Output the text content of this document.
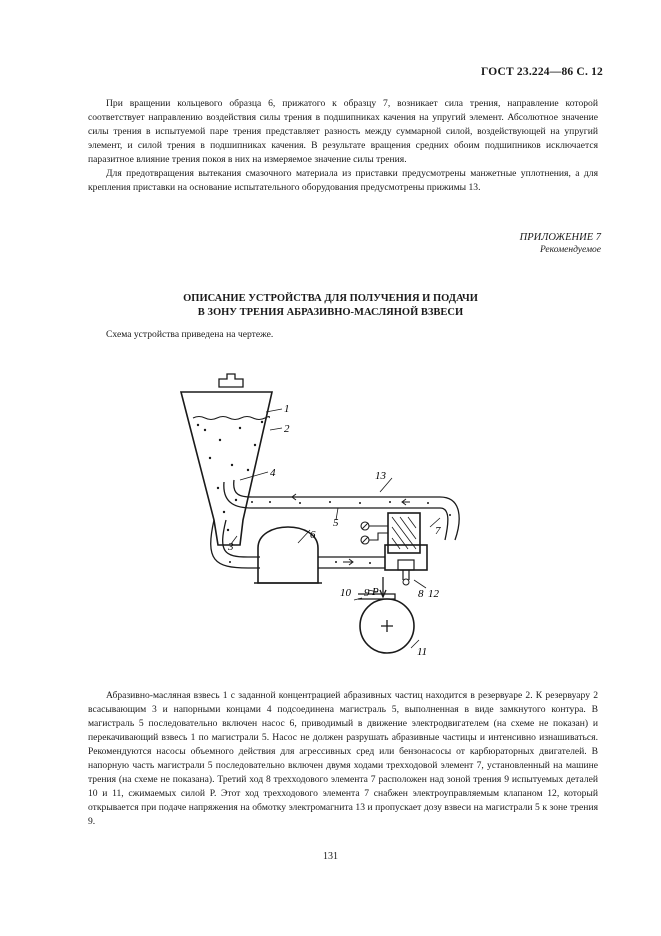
ГОСТ 23.224—86 С. 12

При вращении кольцевого образца 6, прижатого к образцу 7, возникает сила трения, направление которой соответствует направлению воздействия силы трения в подшипниках качения на упругий элемент. Абсолютное значение силы трения в испытуемой паре трения представляет разность между суммарной силой, воздействующей на упругий элемент, и силой трения в подшипниках качения. В результате вращения средних обоим подшипников исключается паразитное влияние трения покоя в них на измеряемое значение силы трения.

Для предотвращения вытекания смазочного материала из приставки предусмотрены манжетные уплотнения, а для крепления приставки на основание испытательного оборудования предусмотрены прижимы 13.

ПРИЛОЖЕНИЕ 7
Рекомендуемое
ОПИСАНИЕ УСТРОЙСТВА ДЛЯ ПОЛУЧЕНИЯ И ПОДАЧИ
В ЗОНУ ТРЕНИЯ АБРАЗИВНО-МАСЛЯНОЙ ВЗВЕСИ
Схема устройства приведена на чертеже.
1
2
3
4
5
6	7
8
9
10
11
12
13
P

Абразивно-масляная взвесь 1 с заданной концентрацией абразивных частиц находится в резервуаре 2. К резервуару 2 всасывающим 3 и напорными концами 4 подсоединена магистраль 5, выполненная в виде замкнутого контура. В магистраль 5 последовательно включен насос 6, приводимый в движение электродвигателем (на схеме не показан) и перекачивающий взвесь 1 по магистрали 5. Насос не должен разрушать абразивные частицы и интенсивно изнашиваться. Рекомендуются насосы объемного действия для агрессивных сред или бензонасосы от карбюраторных двигателей. В напорную часть магистрали 5 последовательно включен двумя ходами трехходовой элемент 7, установленный на машине трения (на схеме не показана). Третий ход 8 трехходового элемента 7 расположен над зоной трения 9 испытуемых деталей 10 и 11, сжимаемых силой P. Этот ход трехходового элемента 7 снабжен электроуправляемым клапаном 12, который открывается при подаче напряжения на обмотку электромагнита 13 и пропускает дозу взвеси на магистрали 5 к зоне трения 9.

131
